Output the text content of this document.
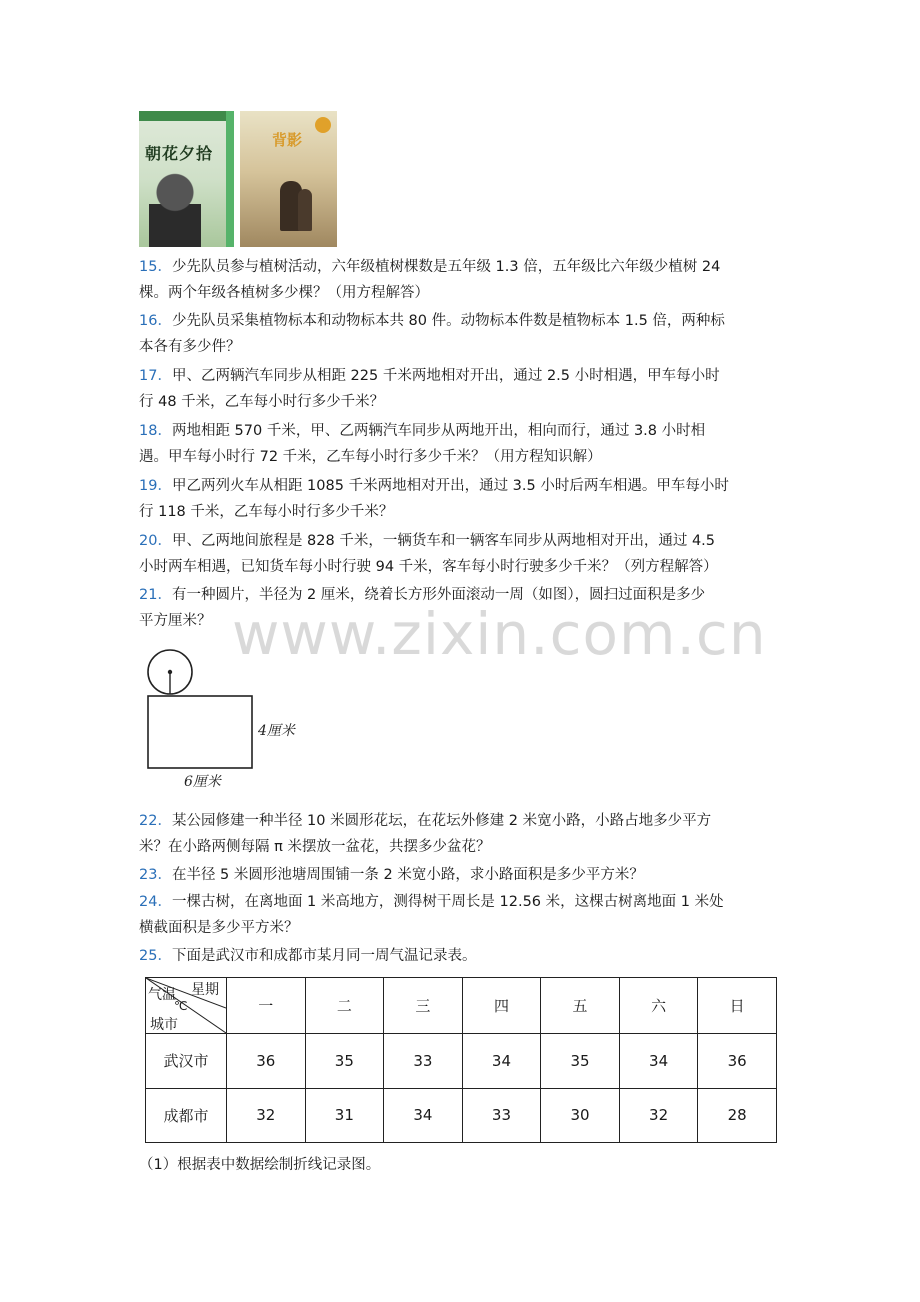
朝花夕拾
背影

15．少先队员参与植树活动，六年级植树棵数是五年级 1.3 倍，五年级比六年级少植树 24

棵。两个年级各植树多少棵？（用方程解答）

16．少先队员采集植物标本和动物标本共 80 件。动物标本件数是植物标本 1.5 倍，两种标

本各有多少件？

17．甲、乙两辆汽车同步从相距 225 千米两地相对开出，通过 2.5 小时相遇，甲车每小时

行 48 千米，乙车每小时行多少千米？

18．两地相距 570 千米，甲、乙两辆汽车同步从两地开出，相向而行，通过 3.8 小时相

遇。甲车每小时行 72 千米，乙车每小时行多少千米？（用方程知识解）

19．甲乙两列火车从相距 1085 千米两地相对开出，通过 3.5 小时后两车相遇。甲车每小时

行 118 千米，乙车每小时行多少千米？

20．甲、乙两地间旅程是 828 千米，一辆货车和一辆客车同步从两地相对开出，通过 4.5

小时两车相遇，已知货车每小时行驶 94 千米，客车每小时行驶多少千米？（列方程解答）

21．有一种圆片，半径为 2 厘米，绕着长方形外面滚动一周（如图），圆扫过面积是多少

平方厘米？ www.zixin.com.cn
4厘米
6厘米

22．某公园修建一种半径 10 米圆形花坛，在花坛外修建 2 米宽小路，小路占地多少平方

米？在小路两侧每隔 π 米摆放一盆花，共摆多少盆花？

23．在半径 5 米圆形池塘周围铺一条 2 米宽小路，求小路面积是多少平方米？

24．一棵古树，在离地面 1 米高地方，测得树干周长是 12.56 米，这棵古树离地面 1 米处

横截面积是多少平方米？

25．下面是武汉市和成都市某月同一周气温记录表。

星期
气温
℃
城市	一	二	三	四	五	六	日
武汉市	36	35	33	34	35	34	36
成都市	32	31	34	33	30	32	28

（1）根据表中数据绘制折线记录图。
